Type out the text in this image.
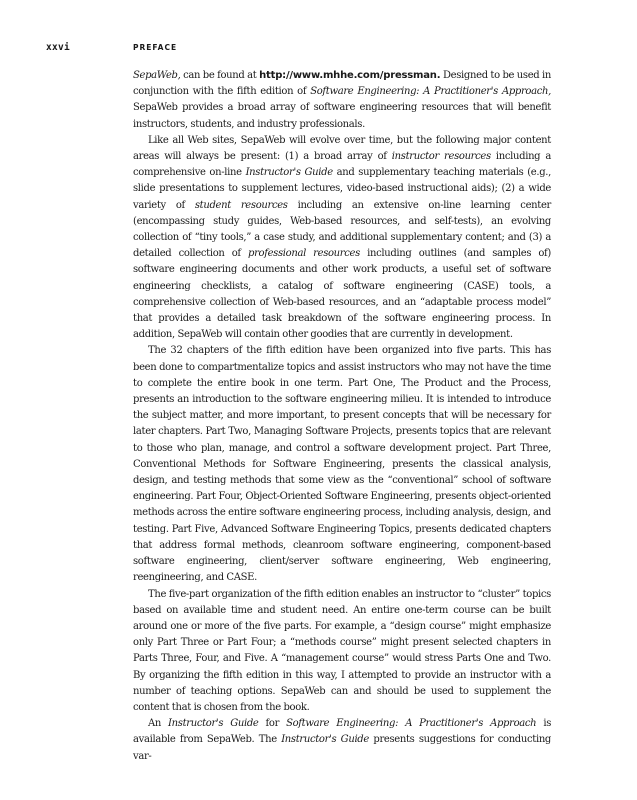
xxvi	PREFACE

SepaWeb, can be found at http://www.mhhe.com/pressman. Designed to be used in conjunction with the fifth edition of Software Engineering: A Practitioner's Approach, SepaWeb provides a broad array of software engineering resources that will benefit instructors, students, and industry professionals.

Like all Web sites, SepaWeb will evolve over time, but the following major content areas will always be present: (1) a broad array of instructor resources including a comprehensive on-line Instructor's Guide and supplementary teaching materials (e.g., slide presentations to supplement lectures, video-based instructional aids); (2) a wide variety of student resources including an extensive on-line learning center (encompassing study guides, Web-based resources, and self-tests), an evolving collection of “tiny tools,” a case study, and additional supplementary content; and (3) a detailed collection of professional resources including outlines (and samples of) software engineering documents and other work products, a useful set of software engineering checklists, a catalog of software engineering (CASE) tools, a comprehensive collection of Web-based resources, and an “adaptable process model” that provides a detailed task breakdown of the software engineering process. In addition, SepaWeb will contain other goodies that are currently in development.

The 32 chapters of the fifth edition have been organized into five parts. This has been done to compartmentalize topics and assist instructors who may not have the time to complete the entire book in one term. Part One, The Product and the Process, presents an introduction to the software engineering milieu. It is intended to introduce the subject matter, and more important, to present concepts that will be necessary for later chapters. Part Two, Managing Software Projects, presents topics that are relevant to those who plan, manage, and control a software development project. Part Three, Conventional Methods for Software Engineering, presents the classical analysis, design, and testing methods that some view as the “conventional” school of software engineering. Part Four, Object-Oriented Software Engineering, presents object-oriented methods across the entire software engineering process, including analysis, design, and testing. Part Five, Advanced Software Engineering Topics, presents dedicated chapters that address formal methods, cleanroom software engineering, component-based software engineering, client/server software engineering, Web engineering, reengineering, and CASE.

The five-part organization of the fifth edition enables an instructor to “cluster” topics based on available time and student need. An entire one-term course can be built around one or more of the five parts. For example, a “design course” might emphasize only Part Three or Part Four; a “methods course” might present selected chapters in Parts Three, Four, and Five. A “management course” would stress Parts One and Two. By organizing the fifth edition in this way, I attempted to provide an instructor with a number of teaching options. SepaWeb can and should be used to supplement the content that is chosen from the book.

An Instructor's Guide for Software Engineering: A Practitioner's Approach is available from SepaWeb. The Instructor's Guide presents suggestions for conducting var-
